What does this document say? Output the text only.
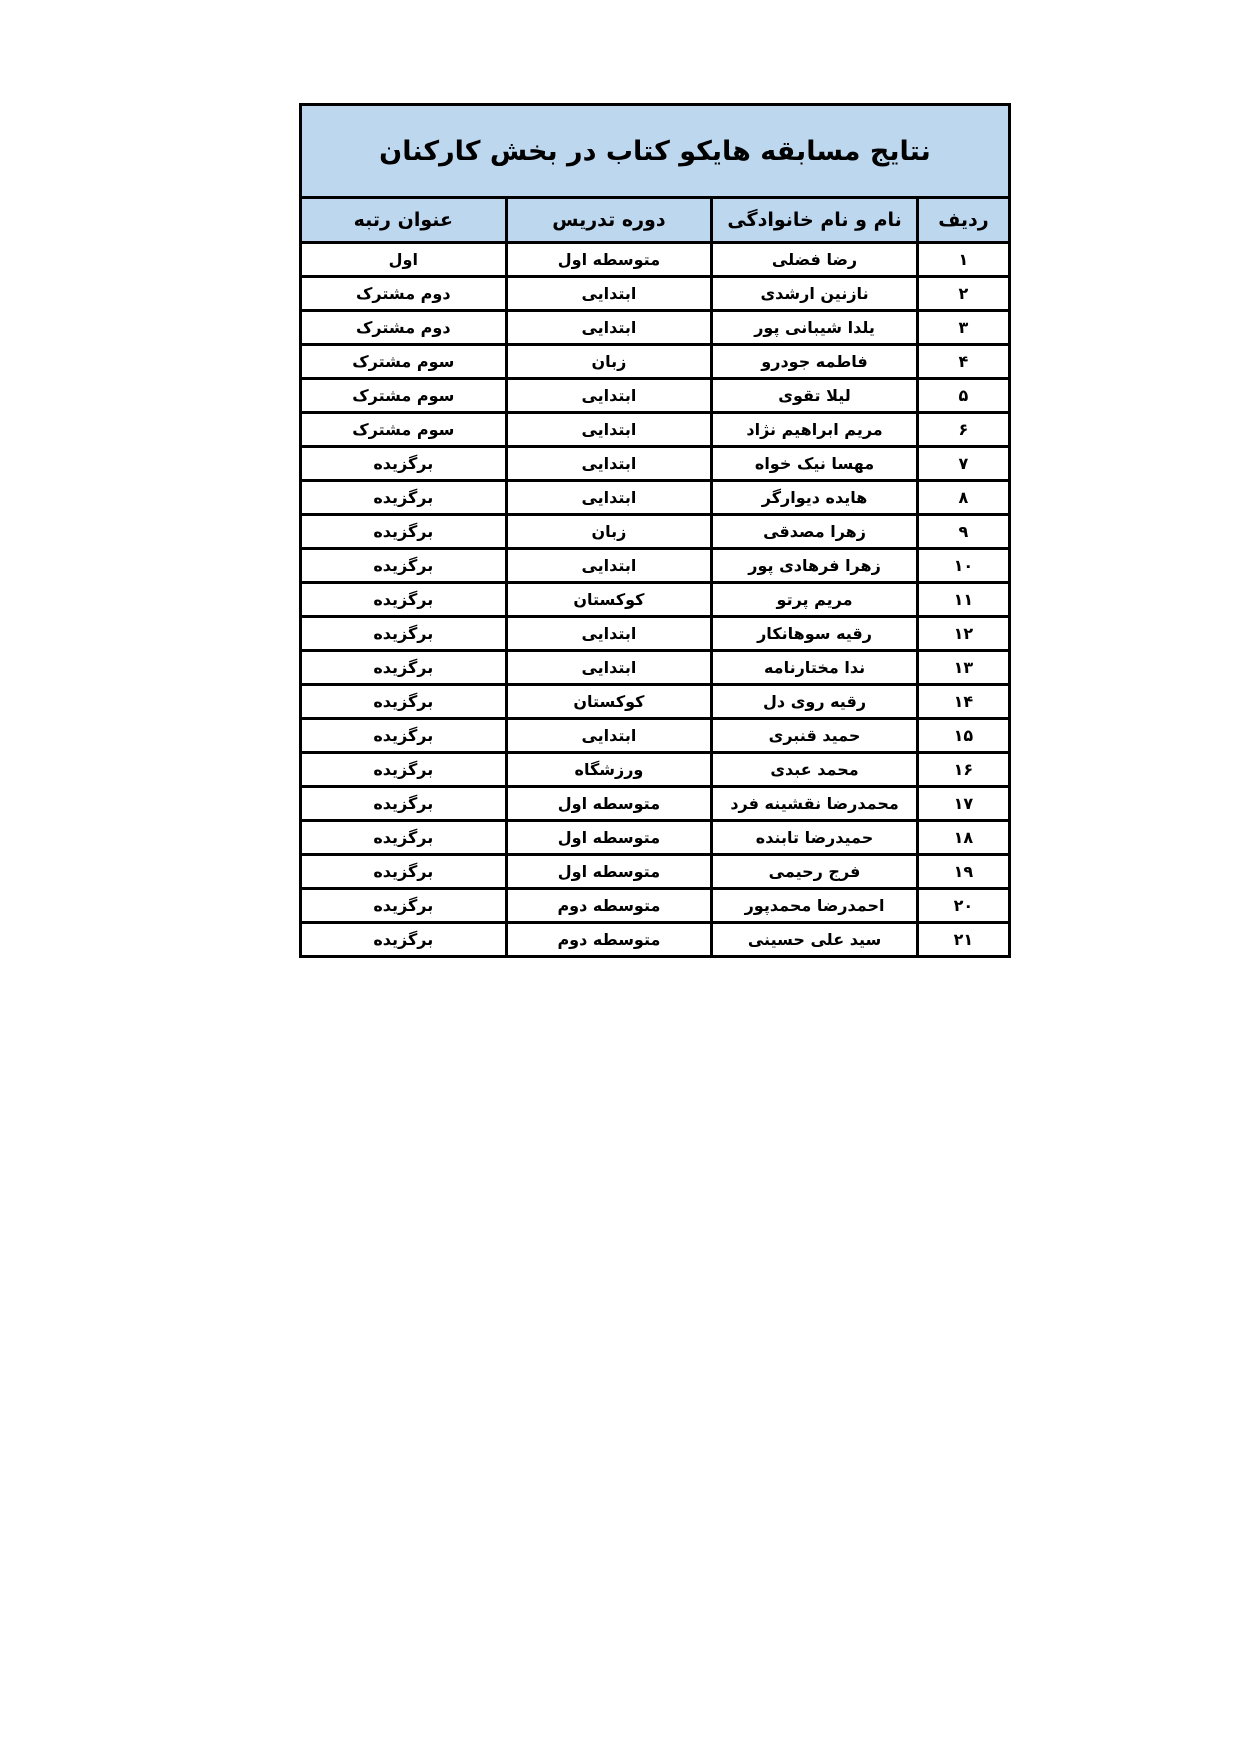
نتایج مسابقه هایکو کتاب در بخش کارکنان			
ردیف	نام و نام خانوادگی	دوره تدریس	عنوان رتبه
۱	رضا فضلی	متوسطه اول	اول
۲	نازنین ارشدی	ابتدایی	دوم مشترک
۳	یلدا شیبانی پور	ابتدایی	دوم مشترک
۴	فاطمه جودرو	زبان	سوم مشترک
۵	لیلا تقوی	ابتدایی	سوم مشترک
۶	مریم ابراهیم نژاد	ابتدایی	سوم مشترک
۷	مهسا نیک خواه	ابتدایی	برگزیده
۸	هایده دیوارگر	ابتدایی	برگزیده
۹	زهرا مصدقی	زبان	برگزیده
۱۰	زهرا فرهادی پور	ابتدایی	برگزیده
۱۱	مریم پرتو	کوکستان	برگزیده
۱۲	رقیه سوهانکار	ابتدایی	برگزیده
۱۳	ندا مختارنامه	ابتدایی	برگزیده
۱۴	رقیه روی دل	کوکستان	برگزیده
۱۵	حمید قنبری	ابتدایی	برگزیده
۱۶	محمد عبدی	ورزشگاه	برگزیده
۱۷	محمدرضا نقشینه فرد	متوسطه اول	برگزیده
۱۸	حمیدرضا تابنده	متوسطه اول	برگزیده
۱۹	فرج رحیمی	متوسطه اول	برگزیده
۲۰	احمدرضا محمدپور	متوسطه دوم	برگزیده
۲۱	سید علی حسینی	متوسطه دوم	برگزیده
